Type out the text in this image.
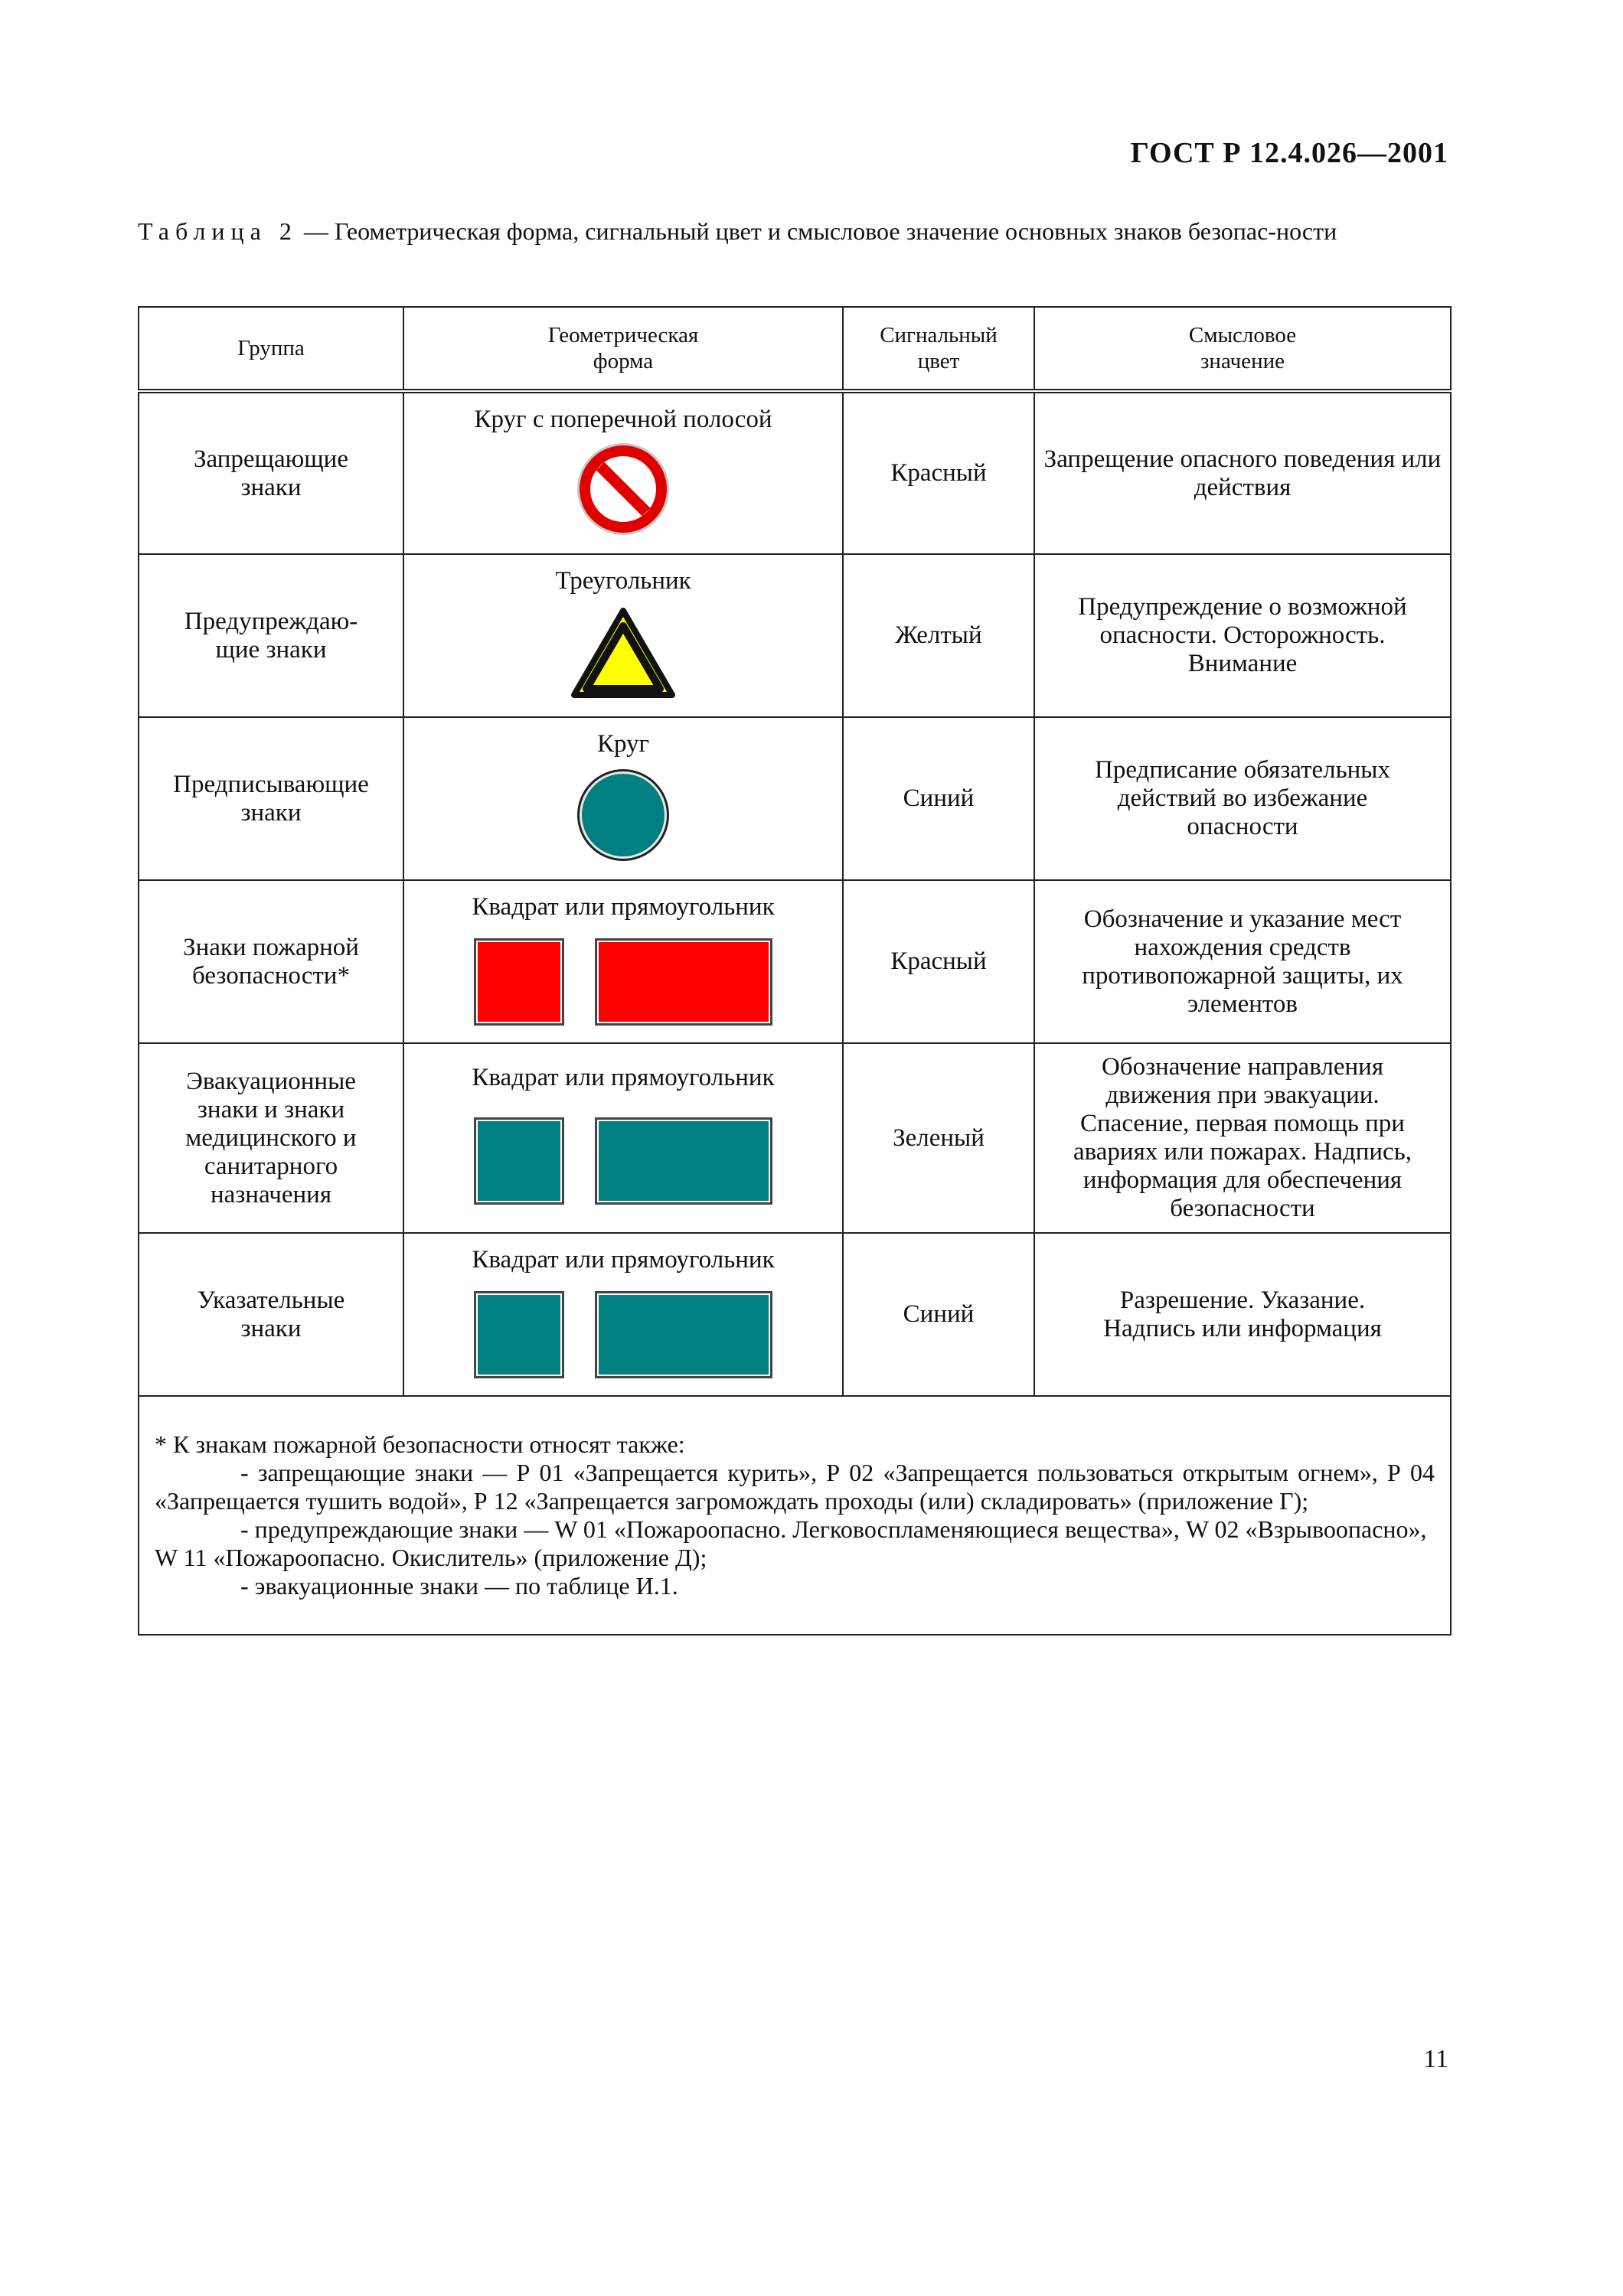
ГОСТ Р 12.4.026—2001
Таблица 2 — Геометрическая форма, сигнальный цвет и смысловое значение основных знаков безопас-ности
Группа	Геометрическая форма	Сигнальный цвет	Смысловое значение

Запрещающие знаки	Круг с поперечной полосой	Красный	Запрещение опасного поведения или действия

Предупреждаю-щие знаки	Треугольник	Желтый	Предупреждение о возможной опасности. Осторожность. Внимание

Предписывающие знаки	Круг	Синий	Предписание обязательных действий во избежание опасности

Знаки пожарной безопасности*	Квадрат или прямоугольник	Красный	Обозначение и указание мест нахождения средств противопожарной защиты, их элементов

Эвакуационные знаки и знаки медицинского и санитарного назначения	Квадрат или прямоугольник	Зеленый	Обозначение направления движения при эвакуации. Спасение, первая помощь при авариях или пожарах. Надпись, информация для обеспечения безопасности

Указательные знаки	Квадрат или прямоугольник	Синий	Разрешение. Указание. Надпись или информация

* К знакам пожарной безопасности относят также:
- запрещающие знаки — Р 01 «Запрещается курить», Р 02 «Запрещается пользоваться открытым огнем», Р 04 «Запрещается тушить водой», Р 12 «Запрещается загромождать проходы (или) складировать» (приложение Г);
- предупреждающие знаки — W 01 «Пожароопасно. Легковоспламеняющиеся вещества», W 02 «Взрывоопасно», W 11 «Пожароопасно. Окислитель» (приложение Д);
- эвакуационные знаки — по таблице И.1.			
11
